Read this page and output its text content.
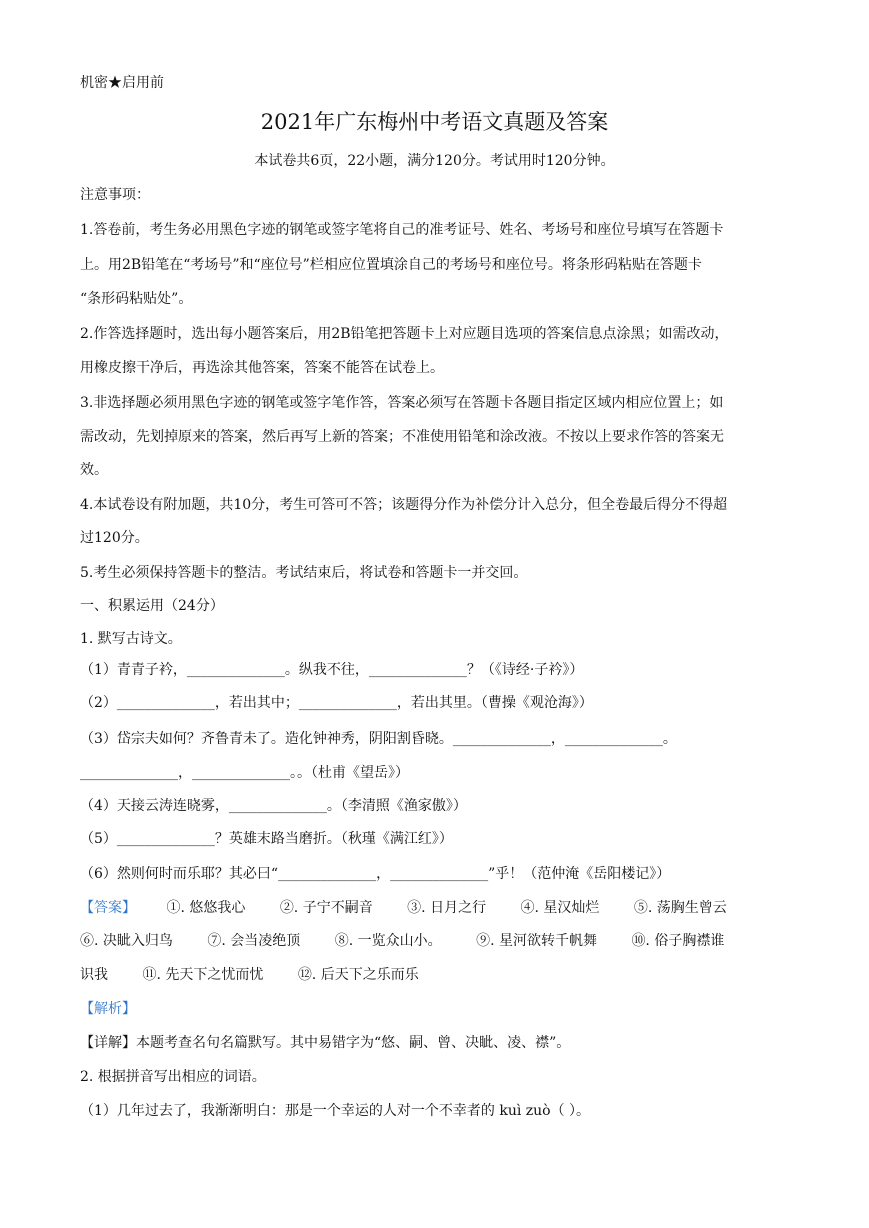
机密★启用前
2021年广东梅州中考语文真题及答案
本试卷共6页，22小题，满分120分。考试用时120分钟。
注意事项：
1.答卷前，考生务必用黑色字迹的钢笔或签字笔将自己的准考证号、姓名、考场号和座位号填写在答题卡
上。用2B铅笔在“考场号”和“座位号”栏相应位置填涂自己的考场号和座位号。将条形码粘贴在答题卡
“条形码粘贴处”。
2.作答选择题时，选出每小题答案后，用2B铅笔把答题卡上对应题目选项的答案信息点涂黑；如需改动，
用橡皮擦干净后，再选涂其他答案，答案不能答在试卷上。
3.非选择题必须用黑色字迹的钢笔或签字笔作答，答案必须写在答题卡各题目指定区域内相应位置上；如
需改动，先划掉原来的答案，然后再写上新的答案；不准使用铅笔和涂改液。不按以上要求作答的答案无
效。
4.本试卷设有附加题，共10分，考生可答可不答；该题得分作为补偿分计入总分，但全卷最后得分不得超
过120分。
5.考生必须保持答题卡的整洁。考试结束后，将试卷和答题卡一并交回。
一、积累运用（24分）
1. 默写古诗文。
（1）青青子衿，______________。纵我不往，______________？（《诗经·子衿》）
（2）______________，若出其中；______________，若出其里。（曹操《观沧海》）
（3）岱宗夫如何？齐鲁青未了。造化钟神秀，阴阳割昏晓。______________，______________。
______________，______________。。（杜甫《望岳》）
（4）天接云涛连晓雾，______________。（李清照《渔家傲》）
（5）______________？英雄末路当磨折。（秋瑾《满江红》）
（6）然则何时而乐耶？其必曰“______________，______________”乎！（范仲淹《岳阳楼记》）
【答案】 ①. 悠悠我心 ②. 子宁不嗣音 ③. 日月之行 ④. 星汉灿烂 ⑤. 荡胸生曾云
⑥. 决眦入归鸟 ⑦. 会当凌绝顶 ⑧. 一览众山小。 ⑨. 星河欲转千帆舞 ⑩. 俗子胸襟谁
识我 ⑪. 先天下之忧而忧 ⑫. 后天下之乐而乐
【解析】
【详解】本题考查名句名篇默写。其中易错字为“悠、嗣、曾、决眦、凌、襟”。
2. 根据拼音写出相应的词语。
（1）几年过去了，我渐渐明白：那是一个幸运的人对一个不幸者的 kuì zuò（ ）。
